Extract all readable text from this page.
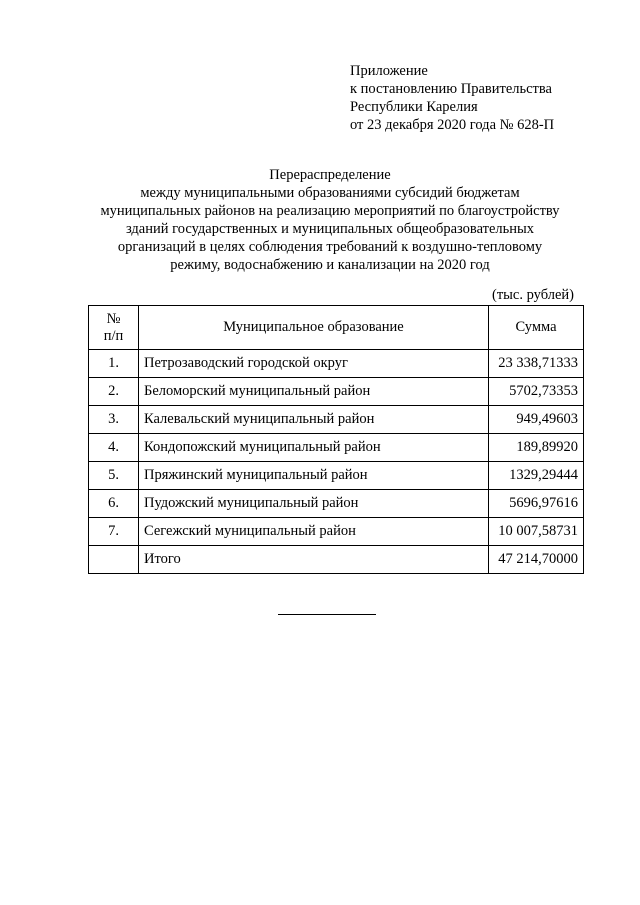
Приложение
к постановлению Правительства
Республики Карелия
от 23 декабря 2020 года № 628-П
Перераспределение
между муниципальными образованиями субсидий бюджетам
муниципальных районов на реализацию мероприятий по благоустройству
зданий государственных и муниципальных общеобразовательных
организаций в целях соблюдения требований к воздушно-тепловому
режиму, водоснабжению и канализации на 2020 год
(тыс. рублей)
№
п/п	Муниципальное образование	Сумма
1.	Петрозаводский городской округ	23 338,71333
2.	Беломорский муниципальный район	5702,73353
3.	Калевальский муниципальный район	949,49603
4.	Кондопожский муниципальный район	189,89920
5.	Пряжинский муниципальный район	1329,29444
6.	Пудожский муниципальный район	5696,97616
7.	Сегежский муниципальный район	10 007,58731
	Итого	47 214,70000
